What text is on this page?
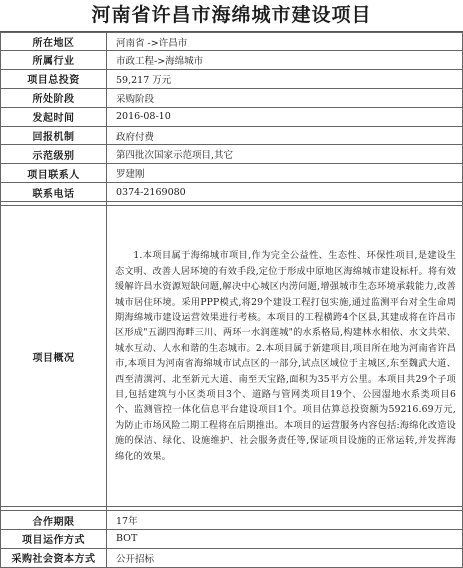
河南省许昌市海绵城市建设项目
所在地区	河南省 ->许昌市
所属行业	市政工程->海绵城市
项目总投资	59,217 万元
所处阶段	采购阶段
发起时间	2016-08-10
回报机制	政府付费
示范级别	第四批次国家示范项目,其它
项目联系人	罗建刚
联系电话	0374-2169080

项目概况	1.本项目属于海绵城市项目,作为完全公益性、生态性、环保性项目,是建设生态文明、改善人居环境的有效手段,定位于形成中原地区海绵城市建设标杆。将有效缓解许昌水资源短缺问题,解决中心城区内涝问题,增强城市生态环境承载能力,改善城市居住环境。采用PPP模式,将29个建设工程打包实施,通过监测平台对全生命周期海绵城市建设运营效果进行考核。本项目的工程横跨4个区县,其建成将在许昌市区形成"五湖四海畔三川、两环一水润莲城"的水系格局,构建林水相依、水文共荣、城水互动、人水和谐的生态城市。2.本项目属于新建项目,项目所在地为河南省许昌市,本项目为河南省海绵城市试点区的一部分,试点区域位于主城区,东至魏武大道、西至清潩河、北至新元大道、南至天宝路,面积为35平方公里。本项目共29个子项目,包括建筑与小区类项目3个、道路与管网类项目19个、公园湿地水系类项目6个、监测管控一体化信息平台建设项目1个。项目估算总投资额为59216.69万元,为防止市场风险二期工程将在后期推出。本项目的运营服务内容包括:海绵化改造设施的保洁、绿化、设施维护、社会服务责任等,保证项目设施的正常运转,并发挥海绵化的效果。

合作期限	17年
项目运作方式	BOT
采购社会资本方式	公开招标
